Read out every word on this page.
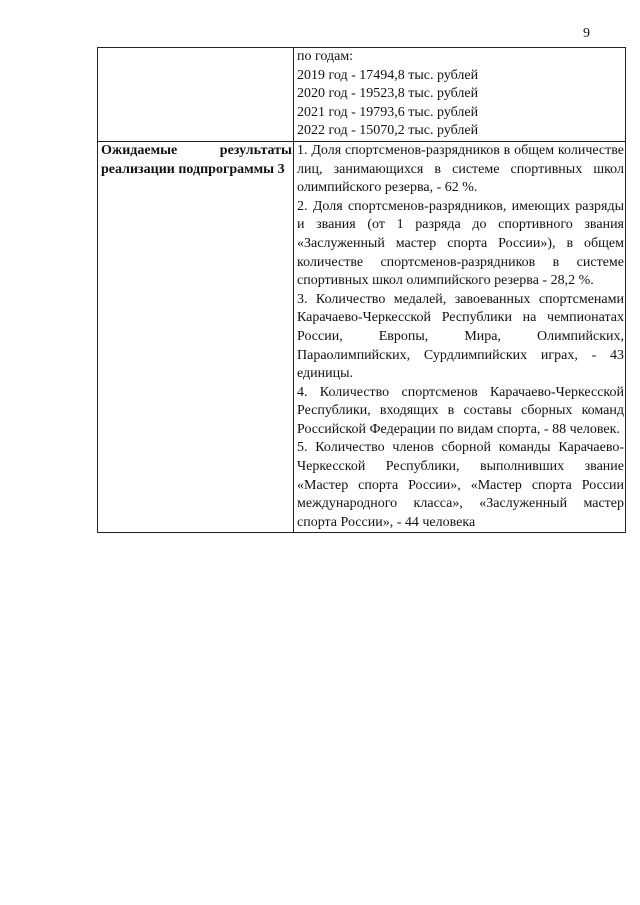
9

	по годам:
2019 год - 17494,8 тыс. рублей
2020 год - 19523,8 тыс. рублей
2021 год - 19793,6 тыс. рублей
2022 год - 15070,2 тыс. рублей

Ожидаемые результаты реализации подпрограммы 3	1. Доля спортсменов-разрядников в общем количестве лиц, занимающихся в системе спортивных школ олимпийского резерва, - 62 %.
2. Доля спортсменов-разрядников, имеющих разряды и звания (от 1 разряда до спортивного звания «Заслуженный мастер спорта России»), в общем количестве спортсменов-разрядников в системе спортивных школ олимпийского резерва - 28,2 %.
3. Количество медалей, завоеванных спортсменами Карачаево-Черкесской Республики на чемпионатах России, Европы, Мира, Олимпийских, Параолимпийских, Сурдлимпийских играх, - 43 единицы.
4. Количество спортсменов Карачаево-Черкесской Республики, входящих в составы сборных команд Российской Федерации по видам спорта, - 88 человек.
5. Количество членов сборной команды Карачаево-Черкесской Республики, выполнивших звание «Мастер спорта России», «Мастер спорта России международного класса», «Заслуженный мастер спорта России», - 44 человека
